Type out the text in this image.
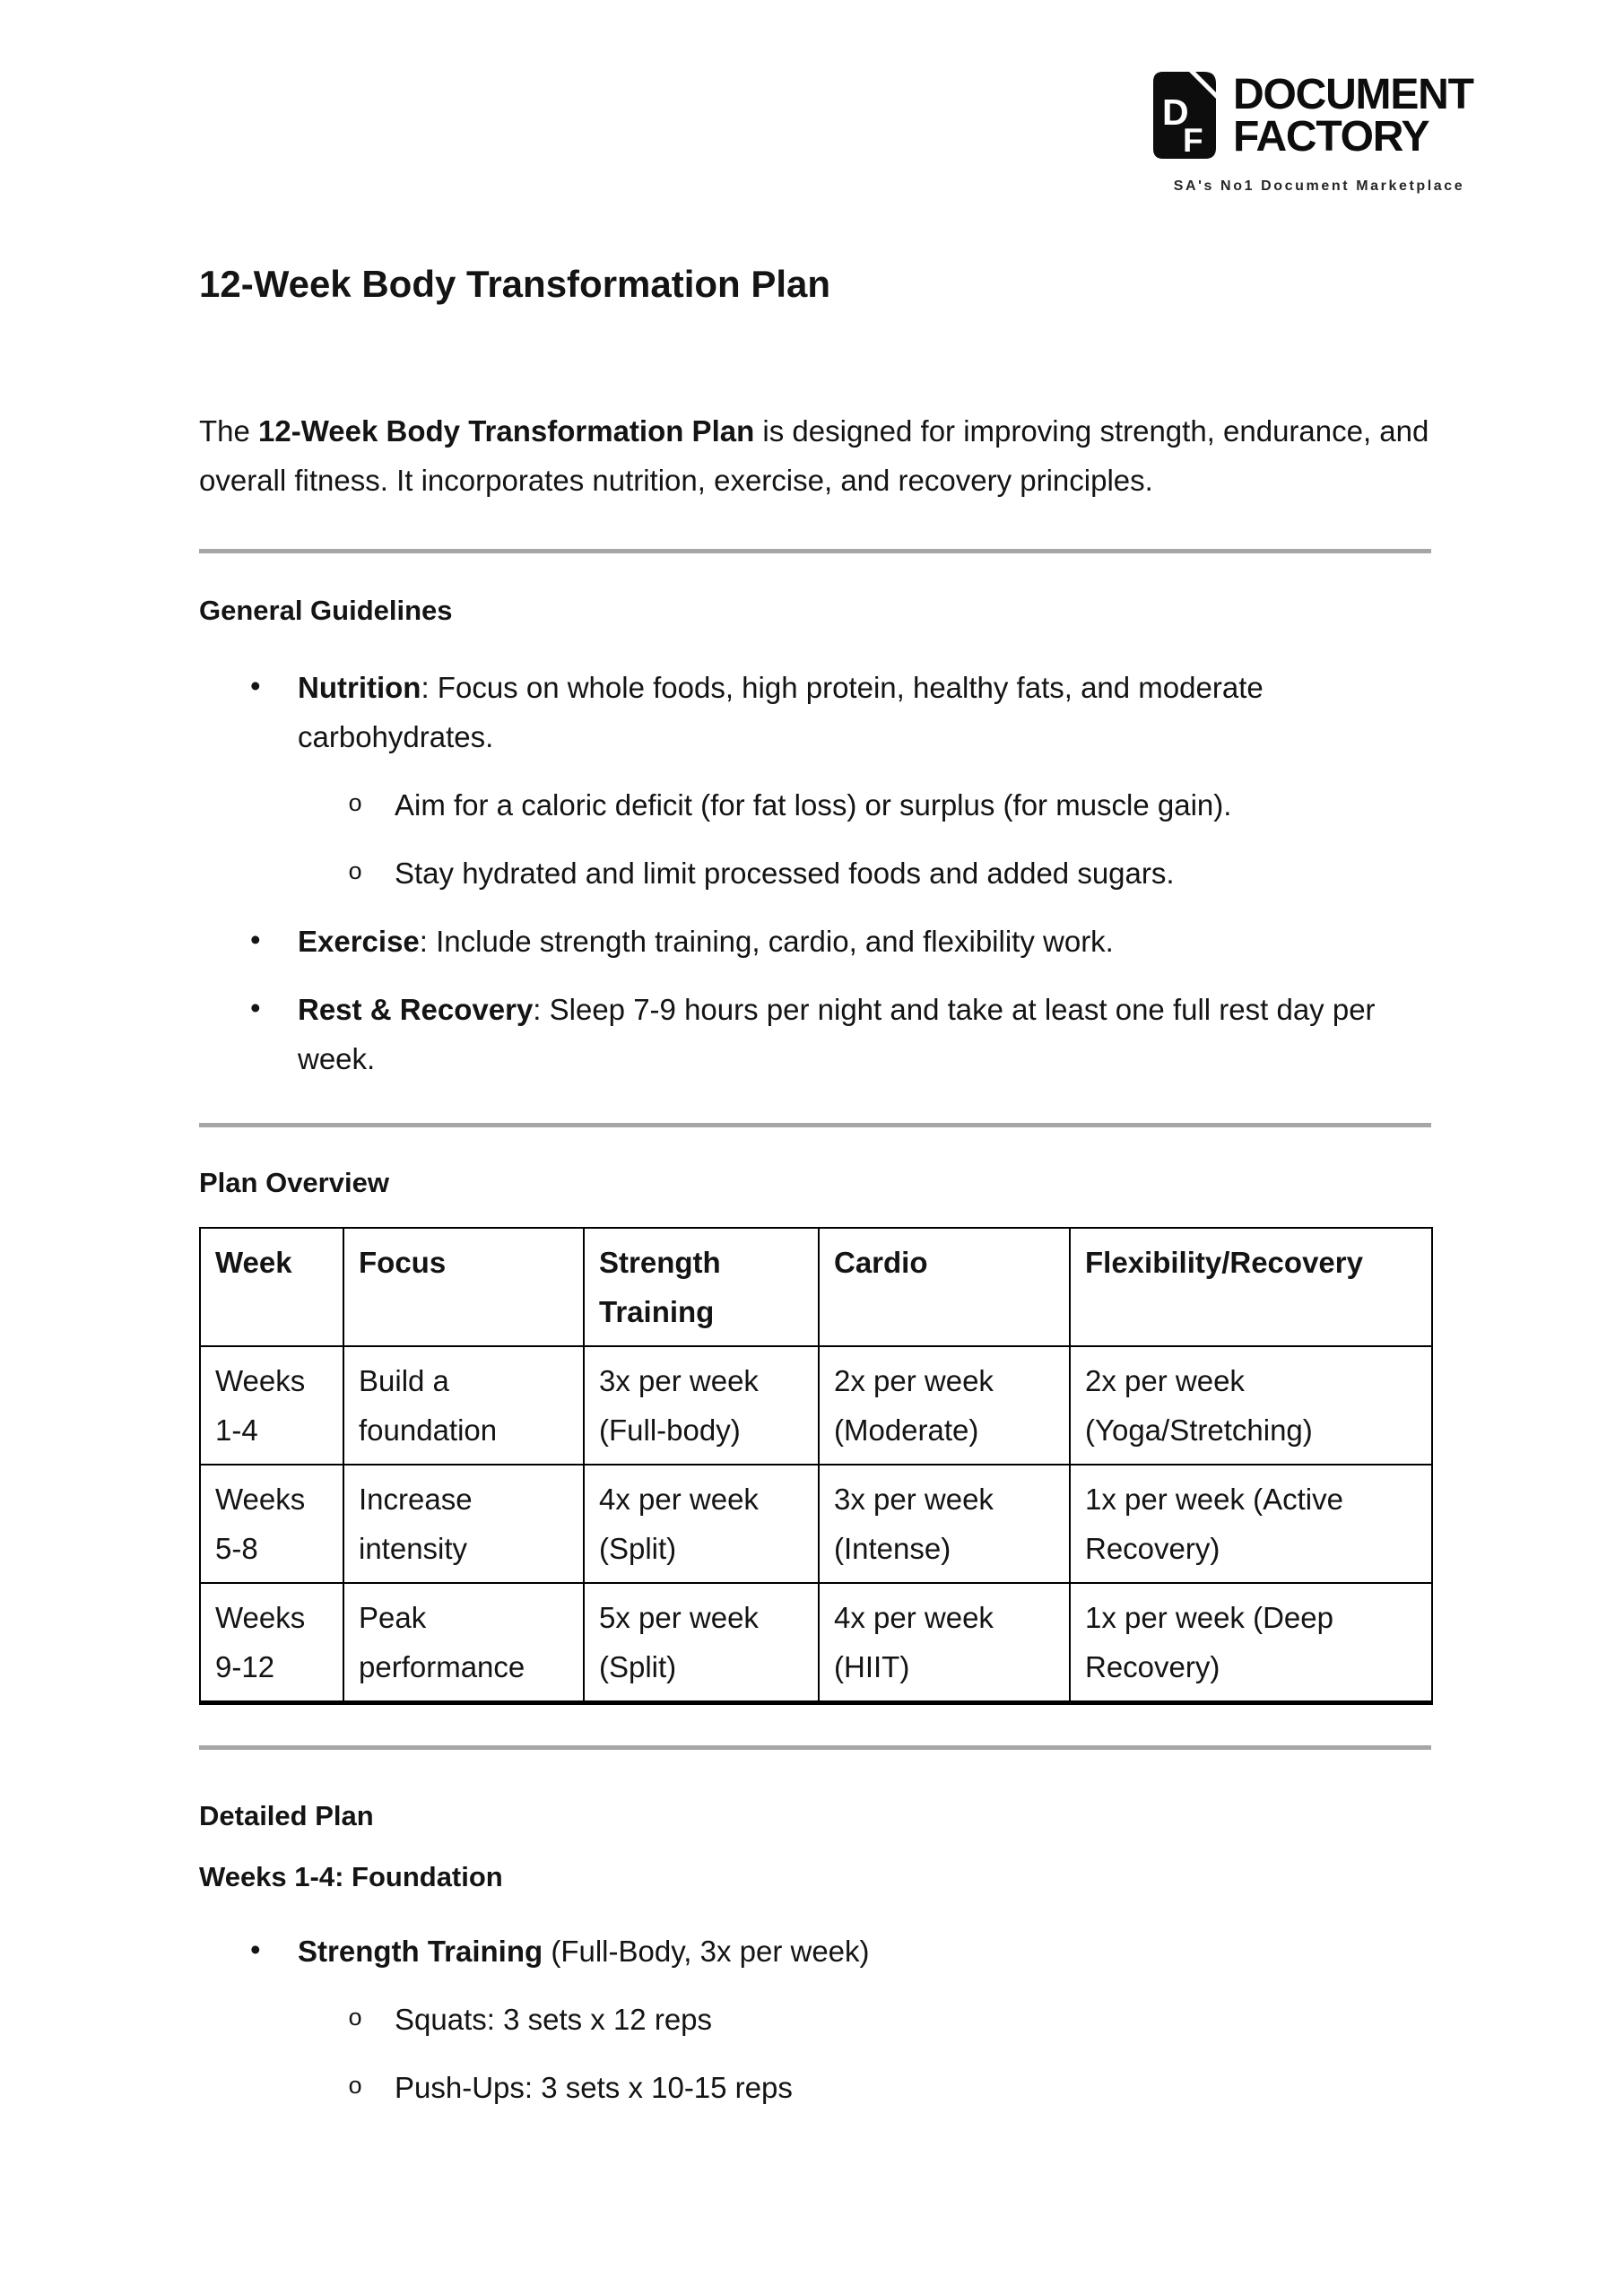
D
F
DOCUMENT
FACTORY
SA's No1 Document Marketplace
12-Week Body Transformation Plan

The 12-Week Body Transformation Plan is designed for improving strength, endurance, and overall fitness. It incorporates nutrition, exercise, and recovery principles.

General Guidelines
• Nutrition: Focus on whole foods, high protein, healthy fats, and moderate carbohydrates.
o Aim for a caloric deficit (for fat loss) or surplus (for muscle gain).
o Stay hydrated and limit processed foods and added sugars.
• Exercise: Include strength training, cardio, and flexibility work.
• Rest & Recovery: Sleep 7-9 hours per night and take at least one full rest day per week.
Plan Overview
Week	Focus	Strength Training	Cardio	Flexibility/Recovery
Weeks 1-4	Build a foundation	3x per week (Full-body)	2x per week (Moderate)	2x per week (Yoga/Stretching)
Weeks 5-8	Increase intensity	4x per week (Split)	3x per week (Intense)	1x per week (Active Recovery)
Weeks 9-12	Peak performance	5x per week (Split)	4x per week (HIIT)	1x per week (Deep Recovery)
Detailed Plan
Weeks 1-4: Foundation
• Strength Training (Full-Body, 3x per week)
o Squats: 3 sets x 12 reps
o Push-Ups: 3 sets x 10-15 reps
